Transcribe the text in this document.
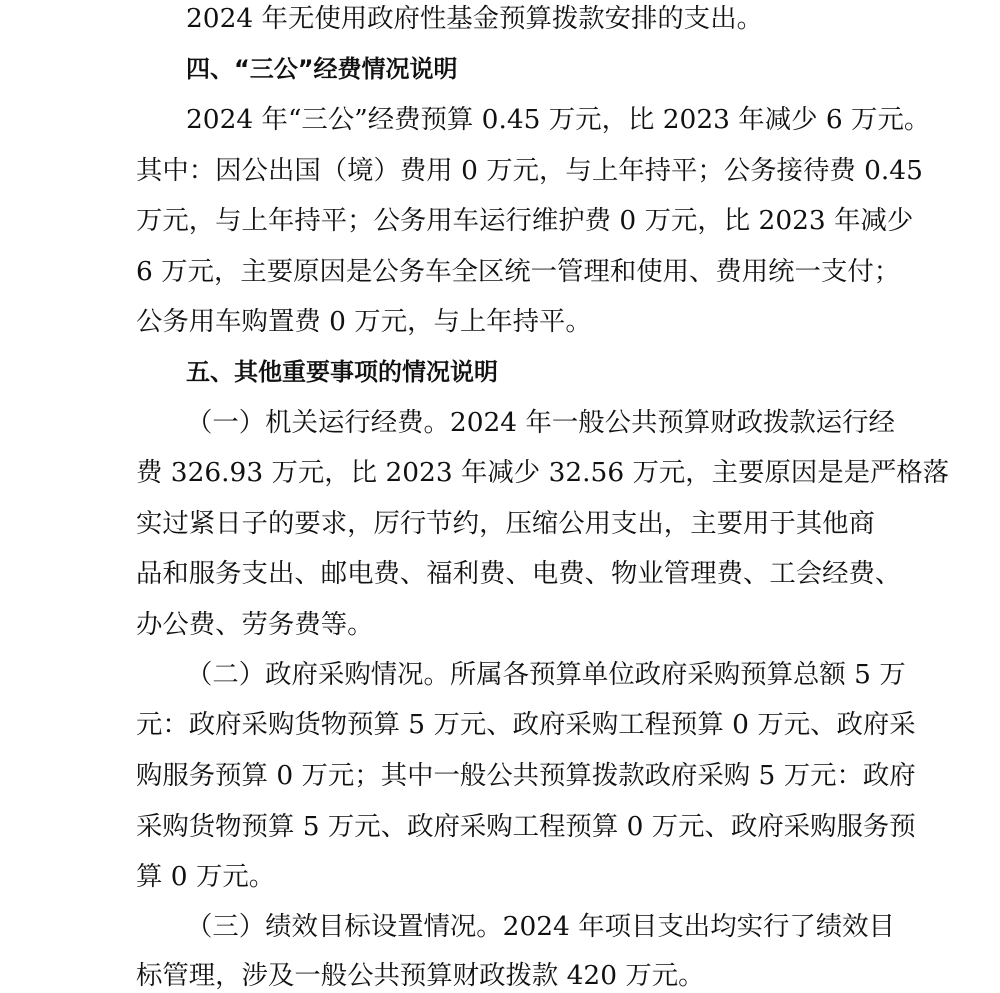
2024 年无使用政府性基金预算拨款安排的支出。
四、“三公”经费情况说明
2024 年“三公”经费预算 0.45 万元，比 2023 年减少 6 万元。
其中：因公出国（境）费用 0 万元，与上年持平；公务接待费 0.45
万元，与上年持平；公务用车运行维护费 0 万元，比 2023 年减少
6 万元，主要原因是公务车全区统一管理和使用、费用统一支付；
公务用车购置费 0 万元，与上年持平。
五、其他重要事项的情况说明
（一）机关运行经费。2024 年一般公共预算财政拨款运行经
费 326.93 万元，比 2023 年减少 32.56 万元，主要原因是是严格落
实过紧日子的要求，厉行节约，压缩公用支出，主要用于其他商
品和服务支出、邮电费、福利费、电费、物业管理费、工会经费、
办公费、劳务费等。
（二）政府采购情况。所属各预算单位政府采购预算总额 5 万
元：政府采购货物预算 5 万元、政府采购工程预算 0 万元、政府采
购服务预算 0 万元；其中一般公共预算拨款政府采购 5 万元：政府
采购货物预算 5 万元、政府采购工程预算 0 万元、政府采购服务预
算 0 万元。
（三）绩效目标设置情况。2024 年项目支出均实行了绩效目
标管理，涉及一般公共预算财政拨款 420 万元。
